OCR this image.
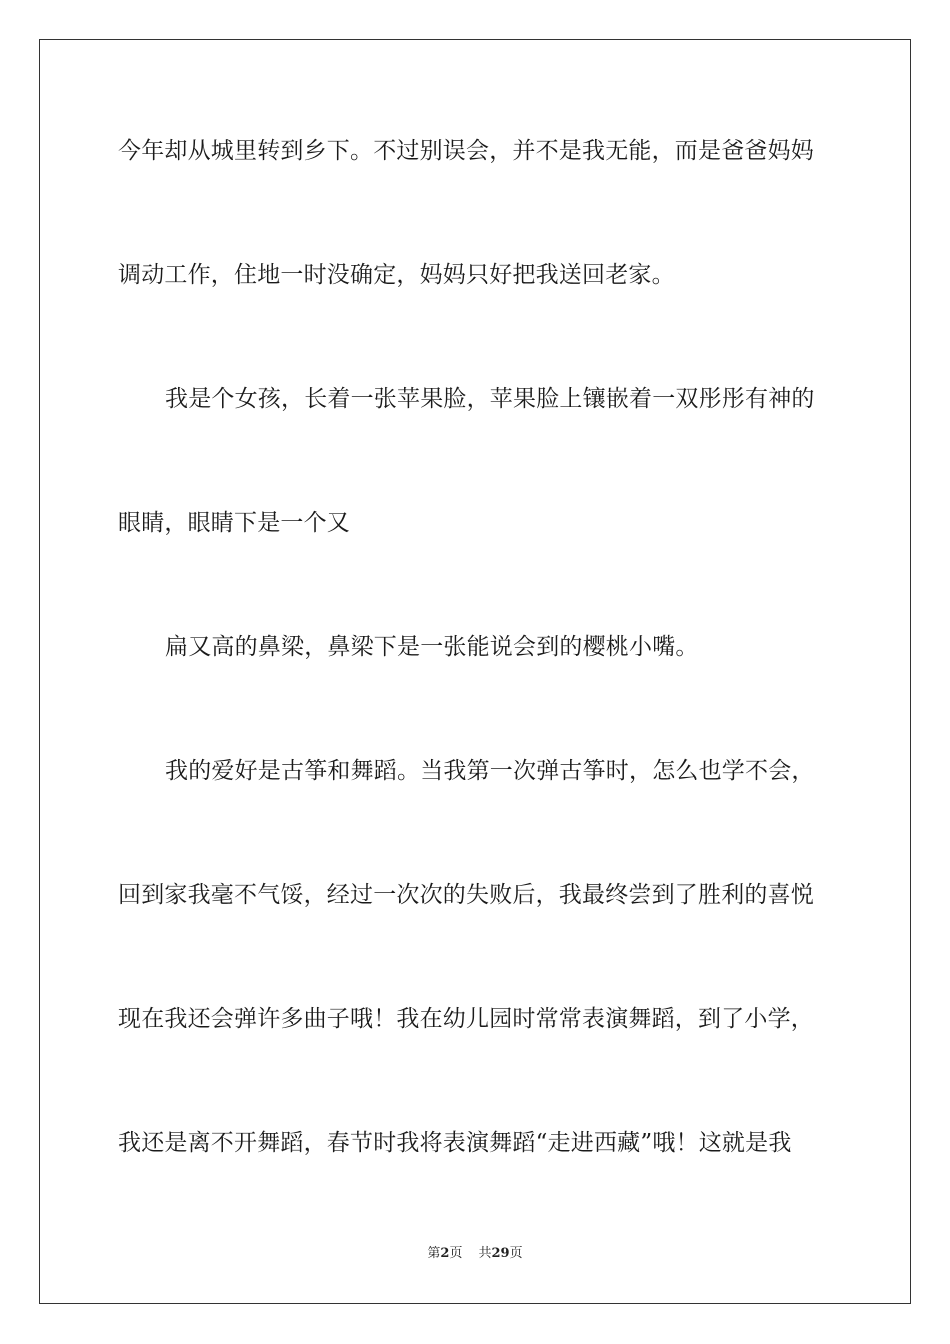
今年却从城里转到乡下。不过别误会，并不是我无能，而是爸爸妈妈
调动工作，住地一时没确定，妈妈只好把我送回老家。
我是个女孩，长着一张苹果脸，苹果脸上镶嵌着一双彤彤有神的
眼睛，眼睛下是一个又
扁又高的鼻梁，鼻梁下是一张能说会到的樱桃小嘴。
我的爱好是古筝和舞蹈。当我第一次弹古筝时，怎么也学不会，
回到家我毫不气馁，经过一次次的失败后，我最终尝到了胜利的喜悦
现在我还会弹许多曲子哦！我在幼儿园时常常表演舞蹈，到了小学，
我还是离不开舞蹈，春节时我将表演舞蹈“走进西藏”哦！这就是我
第2页 共29页
